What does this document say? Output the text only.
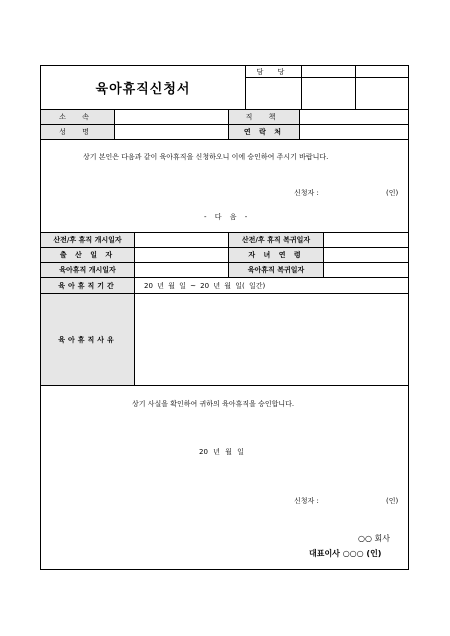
육아휴직신청서
담 당
소 속	직 책
성 명	연 락 처
상기 본인은 다음과 같이 육아휴직을 신청하오니 이에 승인하여 주시기 바랍니다.
신청자 :	(인)
- 다 음 -
산전/후 휴직 개시일자	산전/후 휴직 복귀일자
출 산 일 자	자 녀 연 령
육아휴직 개시일자	육아휴직 복귀일자
육아휴직기간	20 년 월 일 ~ 20 년 월 일( 일간)
육아휴직사유
상기 사실을 확인하여 귀하의 육아휴직을 승인합니다.
20 년 월 일
신청자 :	(인)
○○ 회사
대표이사 ○○○ (인)
